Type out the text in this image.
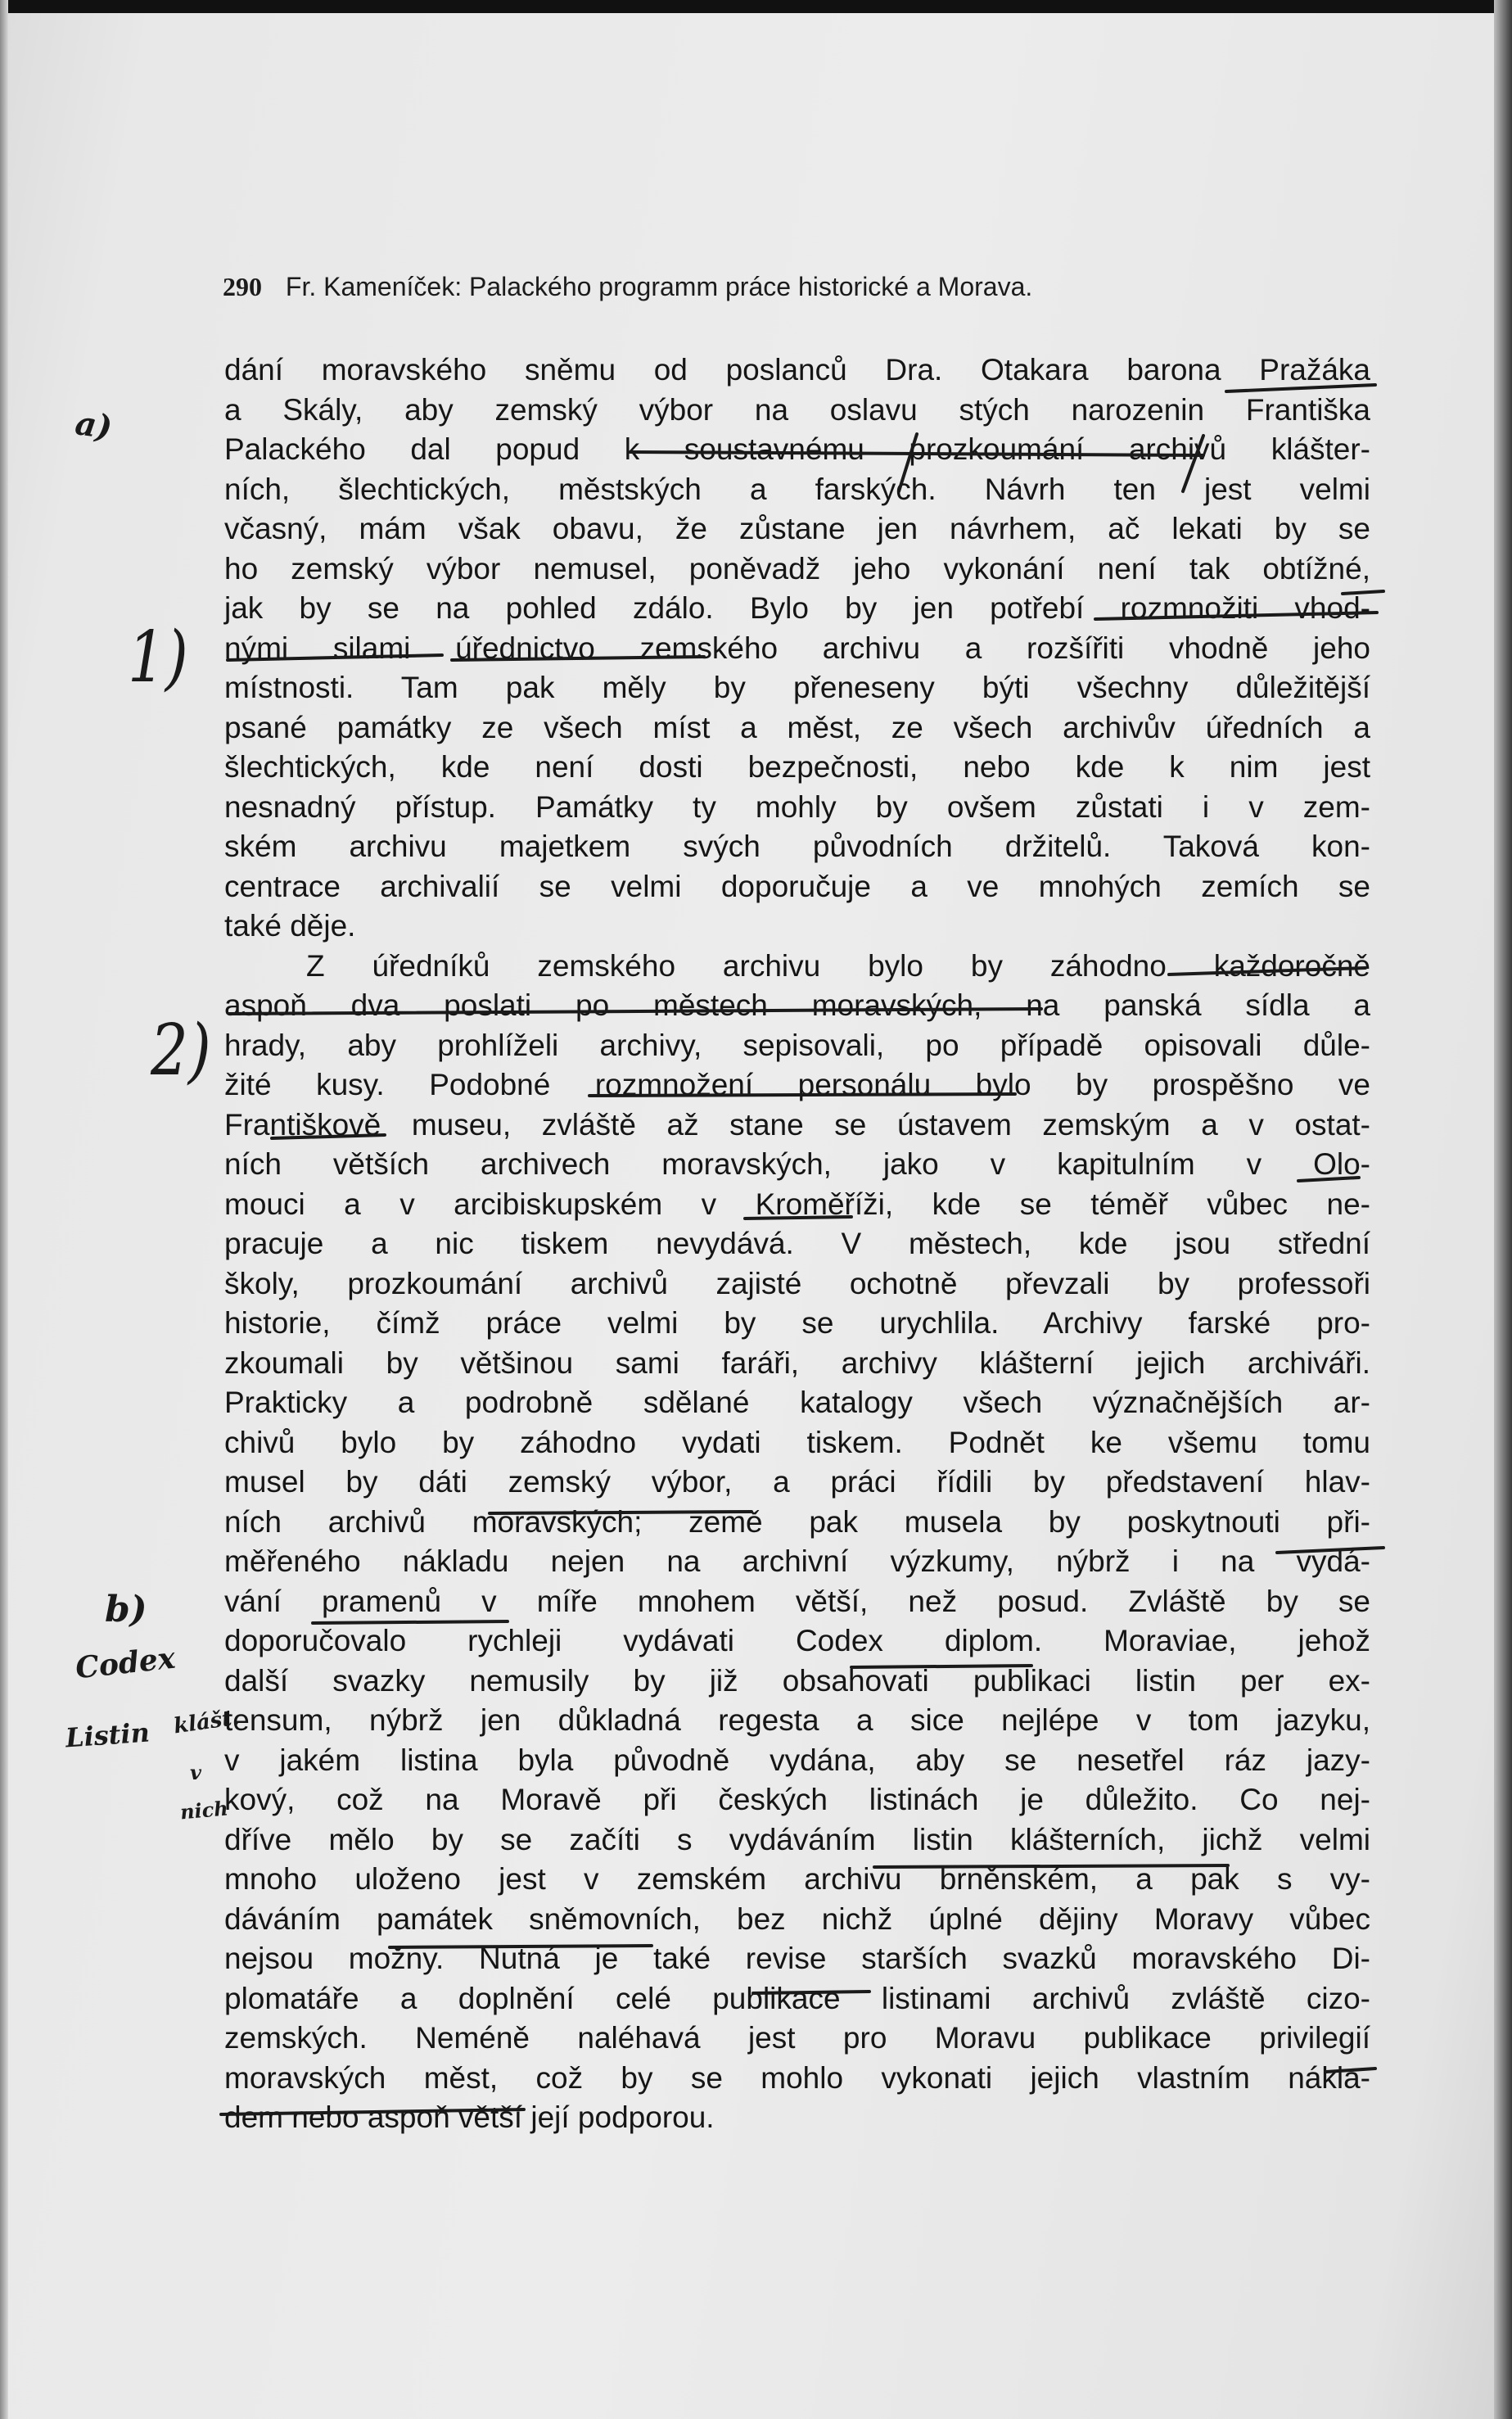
290 Fr. Kameníček: Palackého programm práce historické a Morava.
dání moravského sněmu od poslanců Dra. Otakara barona Pražáka
a Skály, aby zemský výbor na oslavu stých narozenin Františka
Palackého dal popud k soustavnému prozkoumání archivů klášter-
ních, šlechtických, městských a farských. Návrh ten jest velmi
včasný, mám však obavu, že zůstane jen návrhem, ač lekati by se
ho zemský výbor nemusel, poněvadž jeho vykonání není tak obtížné,
jak by se na pohled zdálo. Bylo by jen potřebí rozmnožiti vhod-
nými silami úřednictvo zemského archivu a rozšířiti vhodně jeho
místnosti. Tam pak měly by přeneseny býti všechny důležitější
psané památky ze všech míst a měst, ze všech archivův úředních a
šlechtických, kde není dosti bezpečnosti, nebo kde k nim jest
nesnadný přístup. Památky ty mohly by ovšem zůstati i v zem-
ském archivu majetkem svých původních držitelů. Taková kon-
centrace archivalií se velmi doporučuje a ve mnohých zemích se
také děje.
Z úředníků zemského archivu bylo by záhodno každoročně
aspoň dva poslati po městech moravských, na panská sídla a
hrady, aby prohlíželi archivy, sepisovali, po případě opisovali důle-
žité kusy. Podobné rozmnožení personálu bylo by prospěšno ve
Františkově museu, zvláště až stane se ústavem zemským a v ostat-
ních větších archivech moravských, jako v kapitulním v Olo-
mouci a v arcibiskupském v Kroměříži, kde se téměř vůbec ne-
pracuje a nic tiskem nevydává. V městech, kde jsou střední
školy, prozkoumání archivů zajisté ochotně převzali by professoři
historie, čímž práce velmi by se urychlila. Archivy farské pro-
zkoumali by většinou sami faráři, archivy klášterní jejich archiváři.
Prakticky a podrobně sdělané katalogy všech význačnějších ar-
chivů bylo by záhodno vydati tiskem. Podnět ke všemu tomu
musel by dáti zemský výbor, a práci řídili by představení hlav-
ních archivů moravských; země pak musela by poskytnouti při-
měřeného nákladu nejen na archivní výzkumy, nýbrž i na vydá-
vání pramenů v míře mnohem větší, než posud. Zvláště by se
doporučovalo rychleji vydávati Codex diplom. Moraviae, jehož
další svazky nemusily by již obsahovati publikaci listin per ex-
tensum, nýbrž jen důkladná regesta a sice nejlépe v tom jazyku,
v jakém listina byla původně vydána, aby se nesetřel ráz jazy-
kový, což na Moravě při českých listinách je důležito. Co nej-
dříve mělo by se začíti s vydáváním listin klášterních, jichž velmi
mnoho uloženo jest v zemském archivu brněnském, a pak s vy-
dáváním památek sněmovních, bez nichž úplné dějiny Moravy vůbec
nejsou možny. Nutná je také revise starších svazků moravského Di-
plomatáře a doplnění celé publikace listinami archivů zvláště cizo-
zemských. Neméně naléhavá jest pro Moravu publikace privilegií
moravských měst, což by se mohlo vykonati jejich vlastním nákla-
dem nebo aspoň větší její podporou.
a)
1)
2)
b)
Codex
Listin klášt.
v
nich
